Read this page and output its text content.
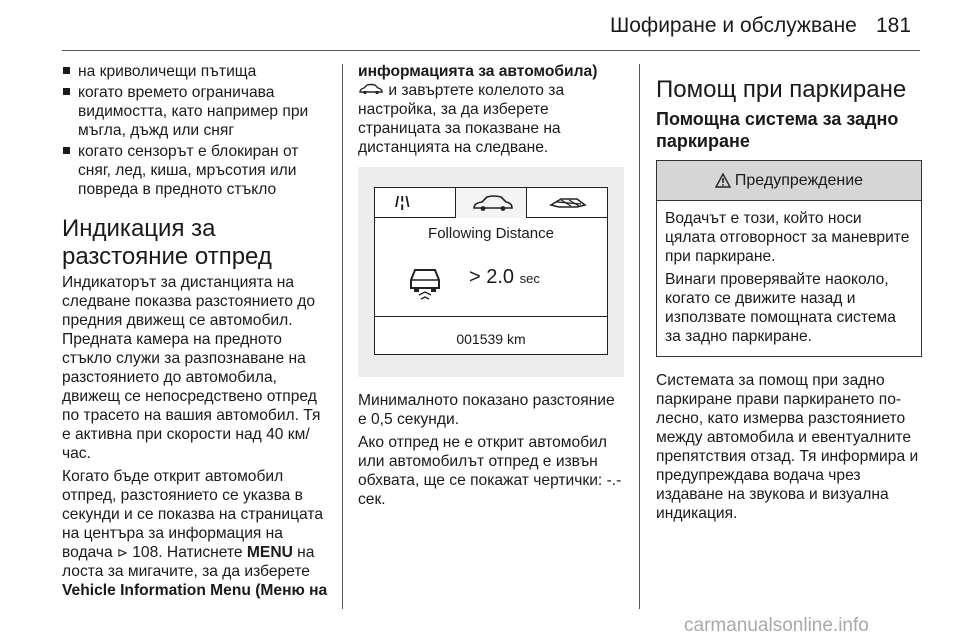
Шофиране и обслужване 181
на криволичещи пътища
когато времето ограничава видимостта, като например при мъгла, дъжд или сняг
когато сензорът е блокиран от сняг, лед, киша, мръсотия или повреда в предното стъкло
Индикация за разстояние отпред

Индикаторът за дистанцията на следване показва разстоянието до предния движещ се автомобил. Предната камера на предното стъкло служи за разпознаване на разстоянието до автомобила, движещ се непосредствено отпред по трасето на вашия автомобил. Тя е активна при скорости над 40 км/час.

Когато бъде открит автомобил отпред, разстоянието се указва в секунди и се показва на страницата на центъра за информация на водача ⊳ 108. Натиснете MENU на лоста за мигачите, за да изберете Vehicle Information Menu (Меню на

информацията за автомобила)  и завъртете колелото за настройка, за да изберете страницата за показване на дистанцията на следване.

/¦\
Following Distance
> 2.0 sec
001539 km

Минималното показано разстояние е 0,5 секунди.

Ако отпред не е открит автомобил или автомобилът отпред е извън обхвата, ще се покажат чертички: -.- сек.

Помощ при паркиране
Помощна система за задно паркиране
Предупреждение

Водачът е този, който носи цялата отговорност за маневрите при паркиране.

Винаги проверявайте наоколо, когато се движите назад и използвате помощната система за задно паркиране.

Системата за помощ при задно паркиране прави паркирането по-лесно, като измерва разстоянието между автомобила и евентуалните препятствия отзад. Тя информира и предупреждава водача чрез издаване на звукова и визуална индикация.

carmanualsonline.info
